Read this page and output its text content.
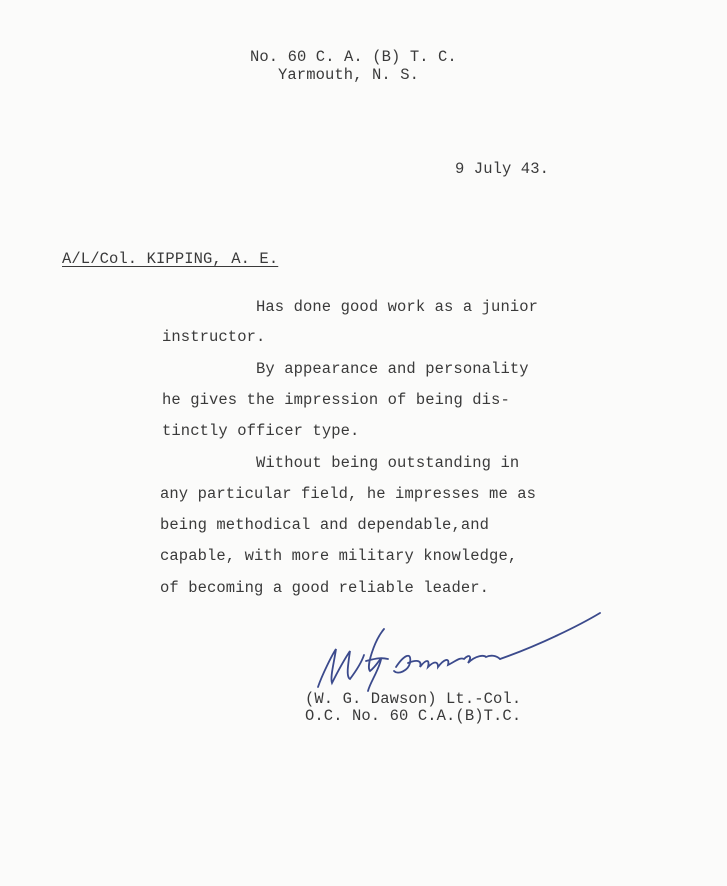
No. 60 C. A. (B) T. C.
Yarmouth, N. S.
9 July 43.
A/L/Col. KIPPING, A. E.
Has done good work as a junior
instructor.
By appearance and personality
he gives the impression of being dis-
tinctly officer type.
Without being outstanding in
any particular field, he impresses me as
being methodical and dependable,and
capable, with more military knowledge,
of becoming a good reliable leader.
(W. G. Dawson) Lt.-Col.
O.C. No. 60 C.A.(B)T.C.
